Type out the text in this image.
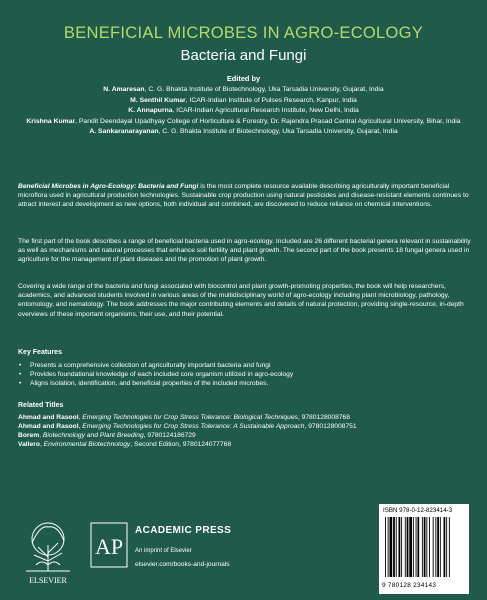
BENEFICIAL MICROBES IN AGRO-ECOLOGY
Bacteria and Fungi
Edited by
N. Amaresan, C. G. Bhakta Institute of Biotechnology, Uka Tarsadia University, Gujarat, India
M. Senthil Kumar, ICAR-Indian Institute of Pulses Research, Kanpur, India
K. Annapurna, ICAR-Indian Agricultural Research Institute, New Delhi, India
Krishna Kumar, Pandit Deendayal Upadhyay College of Horticulture & Forestry, Dr. Rajendra Prasad Central Agricultural University, Bihar, India
A. Sankaranarayanan, C. G. Bhakta Institute of Biotechnology, Uka Tarsadia University, Gujarat, India
Beneficial Microbes in Agro-Ecology: Bacteria and Fungi is the most complete resource available describing agriculturally important beneficial microflora used in agricultural production technologies. Sustainable crop production using natural pesticides and disease-resistant elements continues to attract interest and development as new options, both individual and combined, are discovered to reduce reliance on chemical interventions.
The first part of the book describes a range of beneficial bacteria used in agro-ecology. Included are 26 different bacterial genera relevant in sustainability as well as mechanisms and natural processes that enhance soil fertility and plant growth. The second part of the book presents 18 fungal genera used in agriculture for the management of plant diseases and the promotion of plant growth.
Covering a wide range of the bacteria and fungi associated with biocontrol and plant growth-promoting properties, the book will help researchers, academics, and advanced students involved in various areas of the multidisciplinary world of agro-ecology including plant microbiology, pathology, entomology, and nematology. The book addresses the major contributing elements and details of natural protection, providing single-resource, in-depth overviews of these important organisms, their use, and their potential.
Key Features
• Presents a comprehensive collection of agriculturally important bacteria and fungi
• Provides foundational knowledge of each included core organism utilized in agro-ecology
• Aligns isolation, identification, and beneficial properties of the included microbes.
Related Titles
Ahmad and Rasool, Emerging Technologies for Crop Stress Tolerance: Biological Techniques, 9780128008768
Ahmad and Rasool, Emerging Technologies for Crop Stress Tolerance: A Sustainable Approach, 9780128008751
Borem, Biotechnology and Plant Breeding, 9780124186729
Vallero, Environmental Biotechnology, Second Edition, 9780124077768
ELSEVIER
AP
ACADEMIC PRESS
An imprint of Elsevier
elsevier.com/books-and-journals
ISBN 978-0-12-823414-3
9 780128 234143
